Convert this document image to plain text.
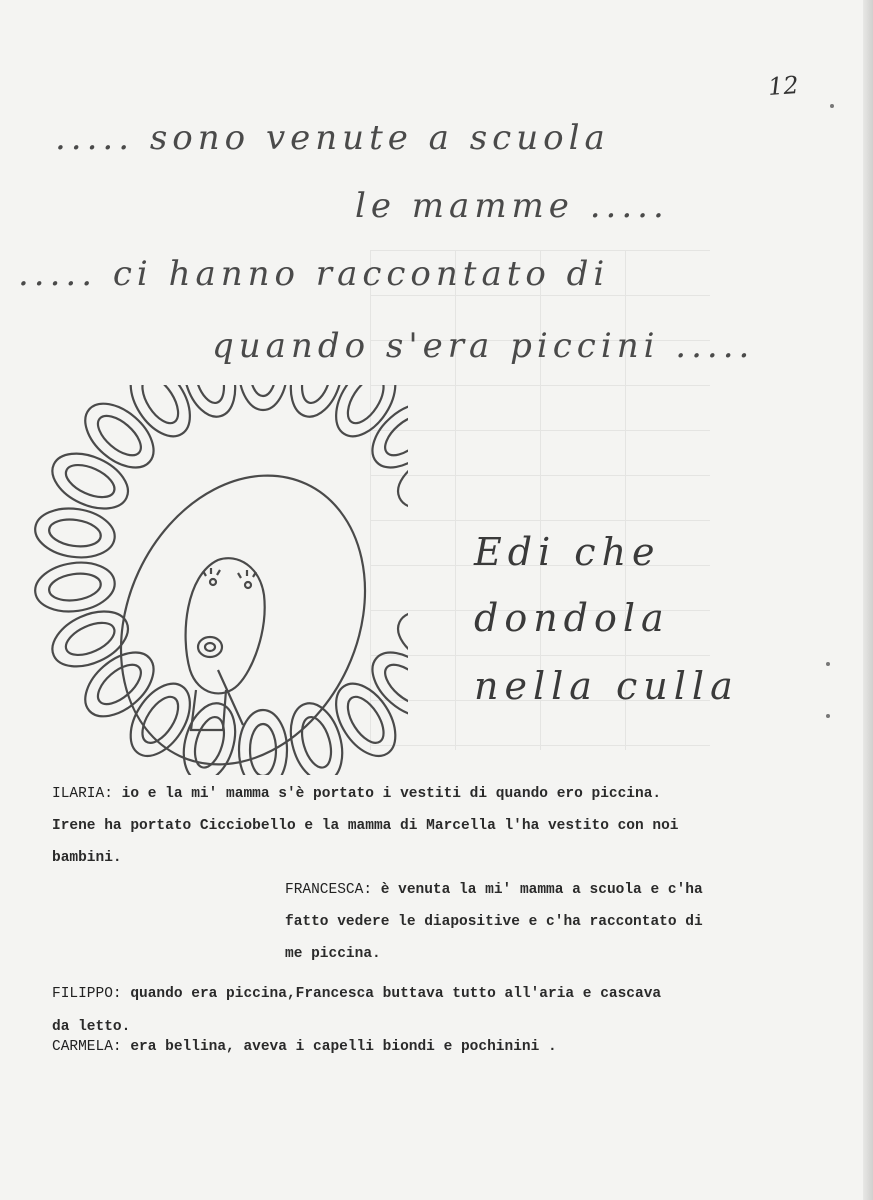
12
..... sono venute a scuola
le mamme .....
..... ci hanno raccontato di
quando s'era piccini .....
Edi che
dondola
nella culla
ILARIA: io e la mi' mamma s'è portato i vestiti di quando ero piccina.
Irene ha portato Cicciobello e la mamma di Marcella l'ha vestito con noi
bambini.
FRANCESCA: è venuta la mi' mamma a scuola e c'ha
fatto vedere le diapositive e c'ha raccontato di
me piccina.
FILIPPO: quando era piccina,Francesca buttava tutto all'aria e cascava
da letto.
CARMELA: era bellina, aveva i capelli biondi e pochinini .
